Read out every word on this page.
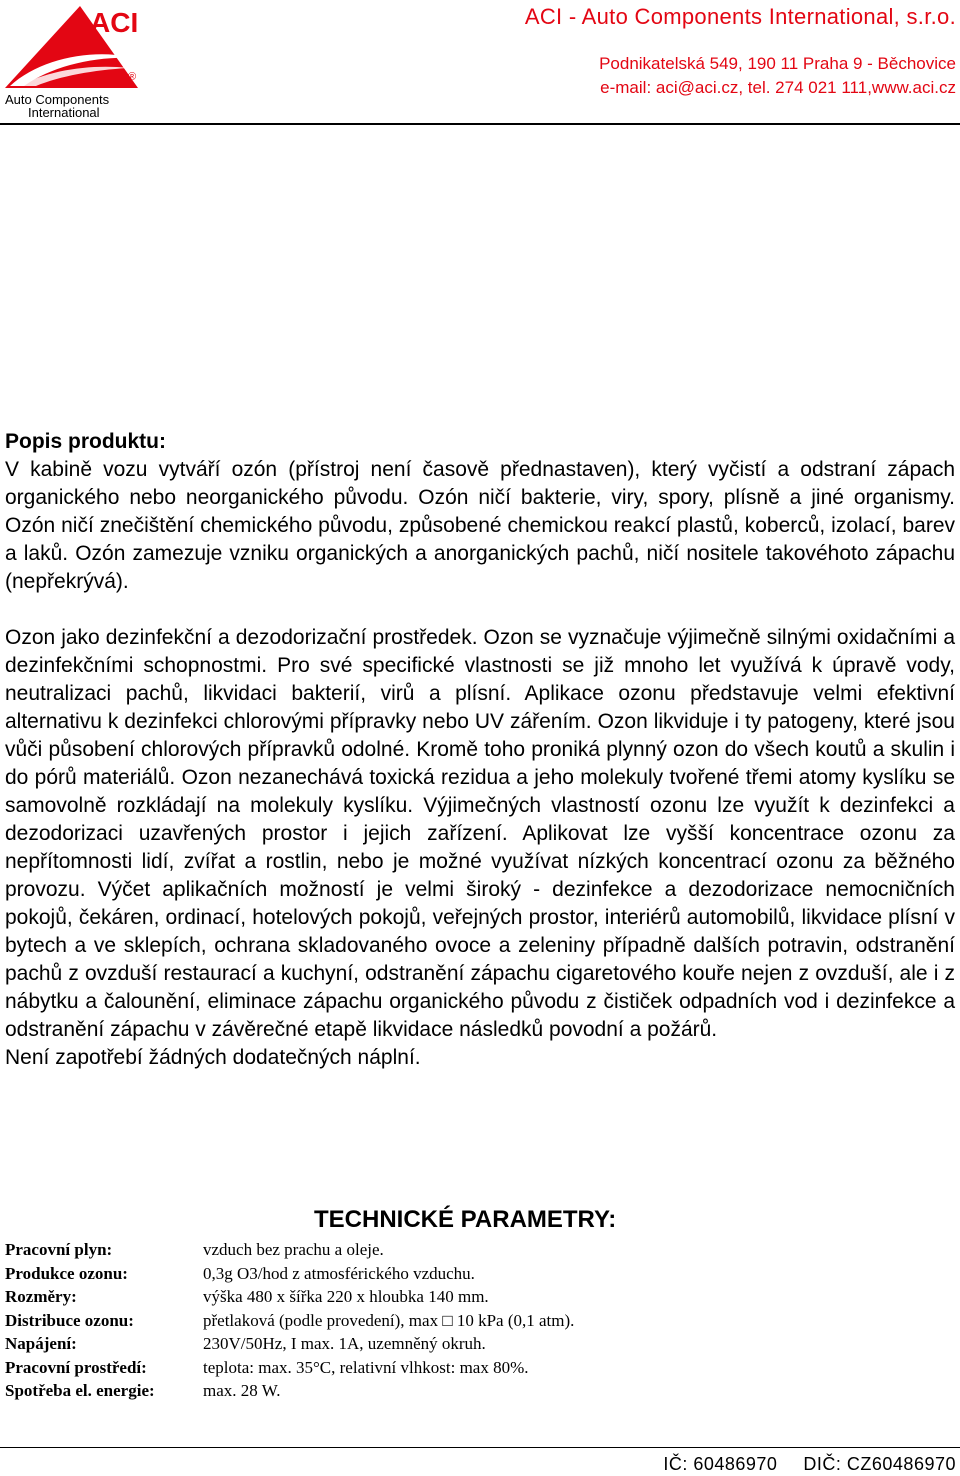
ACI
®
Auto Components
International
ACI - Auto Components International, s.r.o.
Podnikatelská 549, 190 11 Praha 9 - Běchovice
e-mail: aci@aci.cz, tel. 274 021 111,www.aci.cz

Popis produktu:

V kabině vozu vytváří ozón (přístroj není časově přednastaven), který vyčistí a odstraní zápach organického nebo neorganického původu. Ozón ničí bakterie, viry, spory, plísně a jiné organismy. Ozón ničí znečištění chemického původu, způsobené chemickou reakcí plastů, koberců, izolací, barev a laků. Ozón zamezuje vzniku organických a anorganických pachů, ničí nositele takovéhoto zápachu (nepřekrývá).

Ozon jako dezinfekční a dezodorizační prostředek. Ozon se vyznačuje výjimečně silnými oxidačními a dezinfekčními schopnostmi. Pro své specifické vlastnosti se již mnoho let využívá k úpravě vody, neutralizaci pachů, likvidaci bakterií, virů a plísní. Aplikace ozonu představuje velmi efektivní alternativu k dezinfekci chlorovými přípravky nebo UV zářením. Ozon likviduje i ty patogeny, které jsou vůči působení chlorových přípravků odolné. Kromě toho proniká plynný ozon do všech koutů a skulin i do pórů materiálů. Ozon nezanechává toxická rezidua a jeho molekuly tvořené třemi atomy kyslíku se samovolně rozkládají na molekuly kyslíku. Výjimečných vlastností ozonu lze využít k dezinfekci a dezodorizaci uzavřených prostor i jejich zařízení. Aplikovat lze vyšší koncentrace ozonu za nepřítomnosti lidí, zvířat a rostlin, nebo je možné využívat nízkých koncentrací ozonu za běžného provozu. Výčet aplikačních možností je velmi široký - dezinfekce a dezodorizace nemocničních pokojů, čekáren, ordinací, hotelových pokojů, veřejných prostor, interiérů automobilů, likvidace plísní v bytech a ve sklepích, ochrana skladovaného ovoce a zeleniny případně dalších potravin, odstranění pachů z ovzduší restaurací a kuchyní, odstranění zápachu cigaretového kouře nejen z ovzduší, ale i z nábytku a čalounění, eliminace zápachu organického původu z čističek odpadních vod i dezinfekce a odstranění zápachu v závěrečné etapě likvidace následků povodní a požárů.

Není zapotřebí žádných dodatečných náplní.

TECHNICKÉ PARAMETRY:
Pracovní plyn:	vzduch bez prachu a oleje.
Produkce ozonu:	0,3g O3/hod z atmosférického vzduchu.
Rozměry:	výška 480 x šířka 220 x hloubka 140 mm.
Distribuce ozonu:	přetlaková (podle provedení), max □ 10 kPa (0,1 atm).
Napájení:	230V/50Hz, I max. 1A, uzemněný okruh.
Pracovní prostředí:	teplota: max. 35°C, relativní vlhkost: max 80%.
Spotřeba el. energie:	max. 28 W.
IČ: 60486970 DIČ: CZ60486970
